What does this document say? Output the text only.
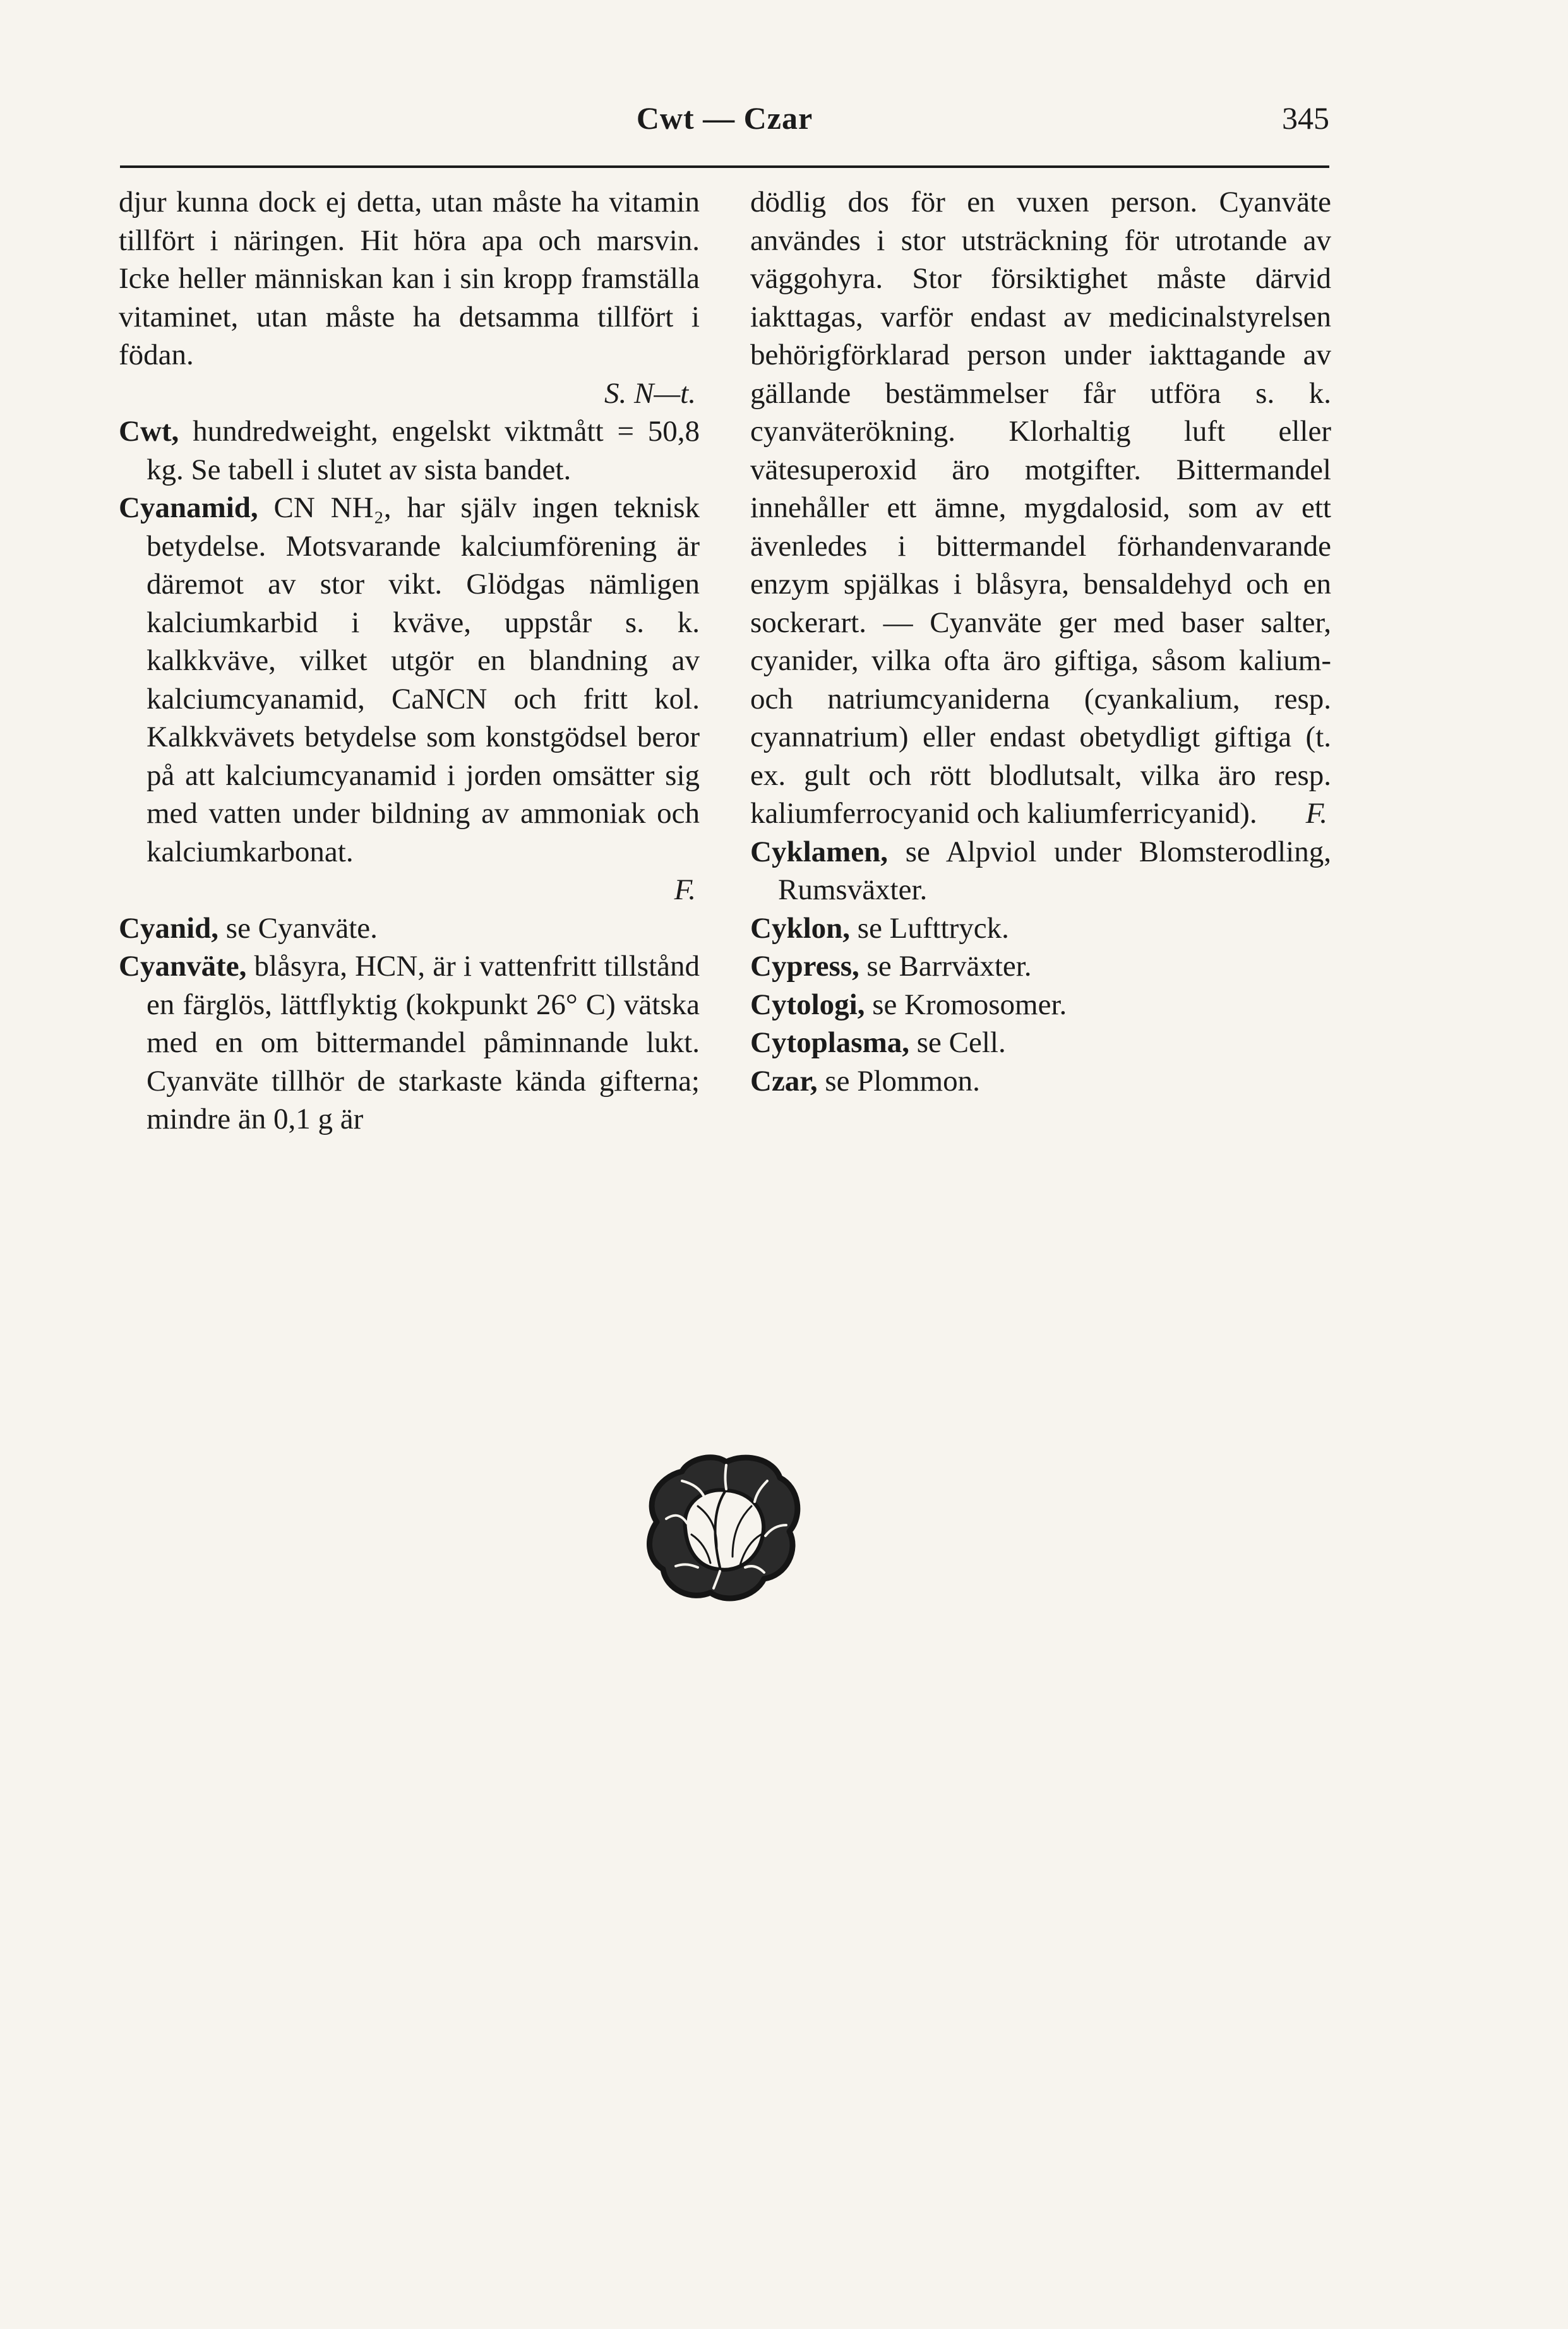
Cwt — Czar	345

djur kunna dock ej detta, utan måste ha vitamin tillfört i näringen. Hit höra apa och marsvin. Icke heller människan kan i sin kropp framställa vitaminet, utan måste ha detsamma tillfört i födan.

S. N—t.

Cwt, hundredweight, engelskt viktmått = 50,8 kg. Se tabell i slutet av sista bandet.

Cyanamid, CN NH₂, har själv ingen teknisk betydelse. Motsvarande kalciumförening är däremot av stor vikt. Glödgas nämligen kalciumkarbid i kväve, uppstår s. k. kalkkväve, vilket utgör en blandning av kalciumcyanamid, CaNCN och fritt kol. Kalkkvävets betydelse som konstgödsel beror på att kalciumcyanamid i jorden omsätter sig med vatten under bildning av ammoniak och kalciumkarbonat.

F.

Cyanid, se Cyanväte.

Cyanväte, blåsyra, HCN, är i vattenfritt tillstånd en färglös, lättflyktig (kokpunkt 26° C) vätska med en om bittermandel påminnande lukt. Cyanväte tillhör de starkaste kända gifterna; mindre än 0,1 g är

dödlig dos för en vuxen person. Cyanväte användes i stor utsträckning för utrotande av väggohyra. Stor försiktighet måste därvid iakttagas, varför endast av medicinalstyrelsen behörigförklarad person under iakttagande av gällande bestämmelser får utföra s. k. cyanväterökning. Klorhaltig luft eller vätesuperoxid äro motgifter. Bittermandel innehåller ett ämne, mygdalosid, som av ett ävenledes i bittermandel förhandenvarande enzym spjälkas i blåsyra, bensaldehyd och en sockerart. — Cyanväte ger med baser salter, cyanider, vilka ofta äro giftiga, såsom kalium- och natriumcyaniderna (cyankalium, resp. cyannatrium) eller endast obetydligt giftiga (t. ex. gult och rött blodlutsalt, vilka äro resp. kaliumferrocyanid och kaliumferricyanid).	F.

Cyklamen, se Alpviol under Blomsterodling, Rumsväxter.

Cyklon, se Lufttryck.

Cypress, se Barrväxter.

Cytologi, se Kromosomer.

Cytoplasma, se Cell.

Czar, se Plommon.
